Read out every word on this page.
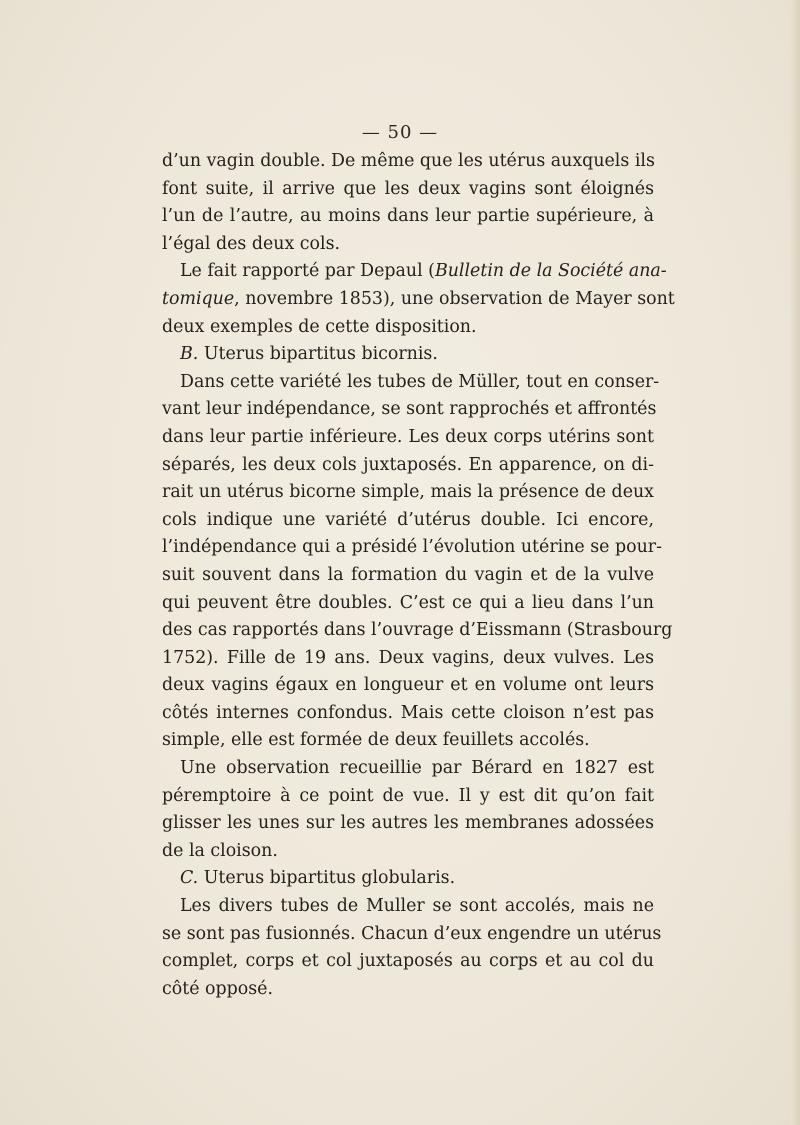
— 50 —
d’un vagin double. De même que les utérus auxquels ils
font suite, il arrive que les deux vagins sont éloignés
l’un de l’autre, au moins dans leur partie supérieure, à
l’égal des deux cols.
Le fait rapporté par Depaul (Bulletin de la Société ana-
tomique, novembre 1853), une observation de Mayer sont
deux exemples de cette disposition.
B. Uterus bipartitus bicornis.
Dans cette variété les tubes de Müller, tout en conser-
vant leur indépendance, se sont rapprochés et affrontés
dans leur partie inférieure. Les deux corps utérins sont
séparés, les deux cols juxtaposés. En apparence, on di-
rait un utérus bicorne simple, mais la présence de deux
cols indique une variété d’utérus double. Ici encore,
l’indépendance qui a présidé l’évolution utérine se pour-
suit souvent dans la formation du vagin et de la vulve
qui peuvent être doubles. C’est ce qui a lieu dans l’un
des cas rapportés dans l’ouvrage d’Eissmann (Strasbourg
1752). Fille de 19 ans. Deux vagins, deux vulves. Les
deux vagins égaux en longueur et en volume ont leurs
côtés internes confondus. Mais cette cloison n’est pas
simple, elle est formée de deux feuillets accolés.
Une observation recueillie par Bérard en 1827 est
péremptoire à ce point de vue. Il y est dit qu’on fait
glisser les unes sur les autres les membranes adossées
de la cloison.
C. Uterus bipartitus globularis.
Les divers tubes de Muller se sont accolés, mais ne
se sont pas fusionnés. Chacun d’eux engendre un utérus
complet, corps et col juxtaposés au corps et au col du
côté opposé.
